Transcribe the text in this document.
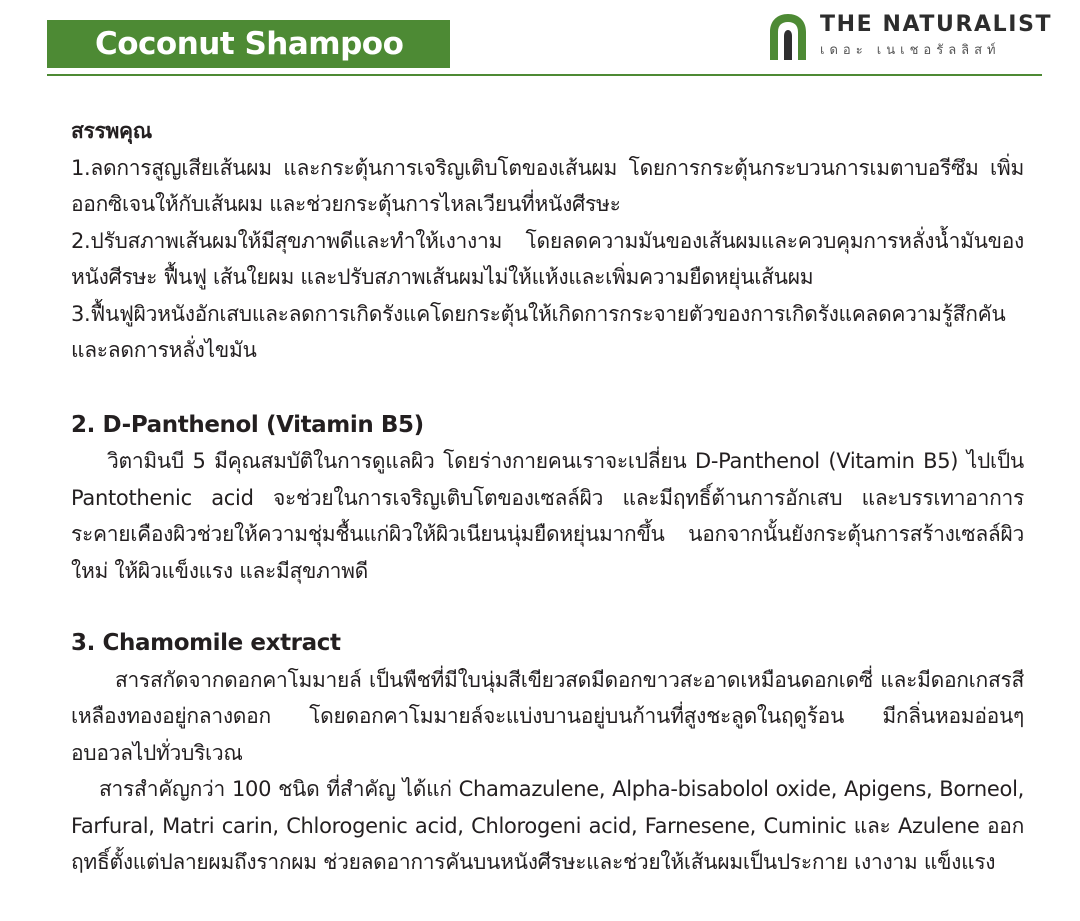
Coconut Shampoo
THE NATURALIST
เดอะ เนเชอรัลลิสท์

สรรพคุณ

1.ลดการสูญเสียเส้นผม และกระตุ้นการเจริญเติบโตของเส้นผม โดยการกระตุ้นกระบวนการเมตาบอรีซึม เพิ่มออกซิเจนให้กับเส้นผม และช่วยกระตุ้นการไหลเวียนที่หนังศีรษะ

2.ปรับสภาพเส้นผมให้มีสุขภาพดีและทำให้เงางาม โดยลดความมันของเส้นผมและควบคุมการหลั่งน้ำมันของหนังศีรษะ ฟื้นฟู เส้นใยผม และปรับสภาพเส้นผมไม่ให้แห้งและเพิ่มความยืดหยุ่นเส้นผม

3.ฟื้นฟูผิวหนังอักเสบและลดการเกิดรังแคโดยกระตุ้นให้เกิดการกระจายตัวของการเกิดรังแคลดความรู้สึกคันและลดการหลั่งไขมัน

2. D-Panthenol (Vitamin B5)

วิตามินบี 5 มีคุณสมบัติในการดูแลผิว โดยร่างกายคนเราจะเปลี่ยน D-Panthenol (Vitamin B5) ไปเป็น Pantothenic acid จะช่วยในการเจริญเติบโตของเซลล์ผิว และมีฤทธิ์ต้านการอักเสบ และบรรเทาอาการระคายเคืองผิวช่วยให้ความชุ่มชื้นแก่ผิวให้ผิวเนียนนุ่มยืดหยุ่นมากขึ้น นอกจากนั้นยังกระตุ้นการสร้างเซลล์ผิวใหม่ ให้ผิวแข็งแรง และมีสุขภาพดี

3. Chamomile extract

สารสกัดจากดอกคาโมมายล์ เป็นพืชที่มีใบนุ่มสีเขียวสดมีดอกขาวสะอาดเหมือนดอกเดซี่ และมีดอกเกสรสีเหลืองทองอยู่กลางดอก โดยดอกคาโมมายล์จะแบ่งบานอยู่บนก้านที่สูงชะลูดในฤดูร้อน มีกลิ่นหอมอ่อนๆ อบอวลไปทั่วบริเวณ

สารสำคัญกว่า 100 ชนิด ที่สำคัญ ได้แก่ Chamazulene, Alpha-bisabolol oxide, Apigens, Borneol, Farfural, Matri carin, Chlorogenic acid, Chlorogeni acid, Farnesene, Cuminic และ Azulene ออกฤทธิ์ตั้งแต่ปลายผมถึงรากผม ช่วยลดอาการคันบนหนังศีรษะและช่วยให้เส้นผมเป็นประกาย เงางาม แข็งแรง
